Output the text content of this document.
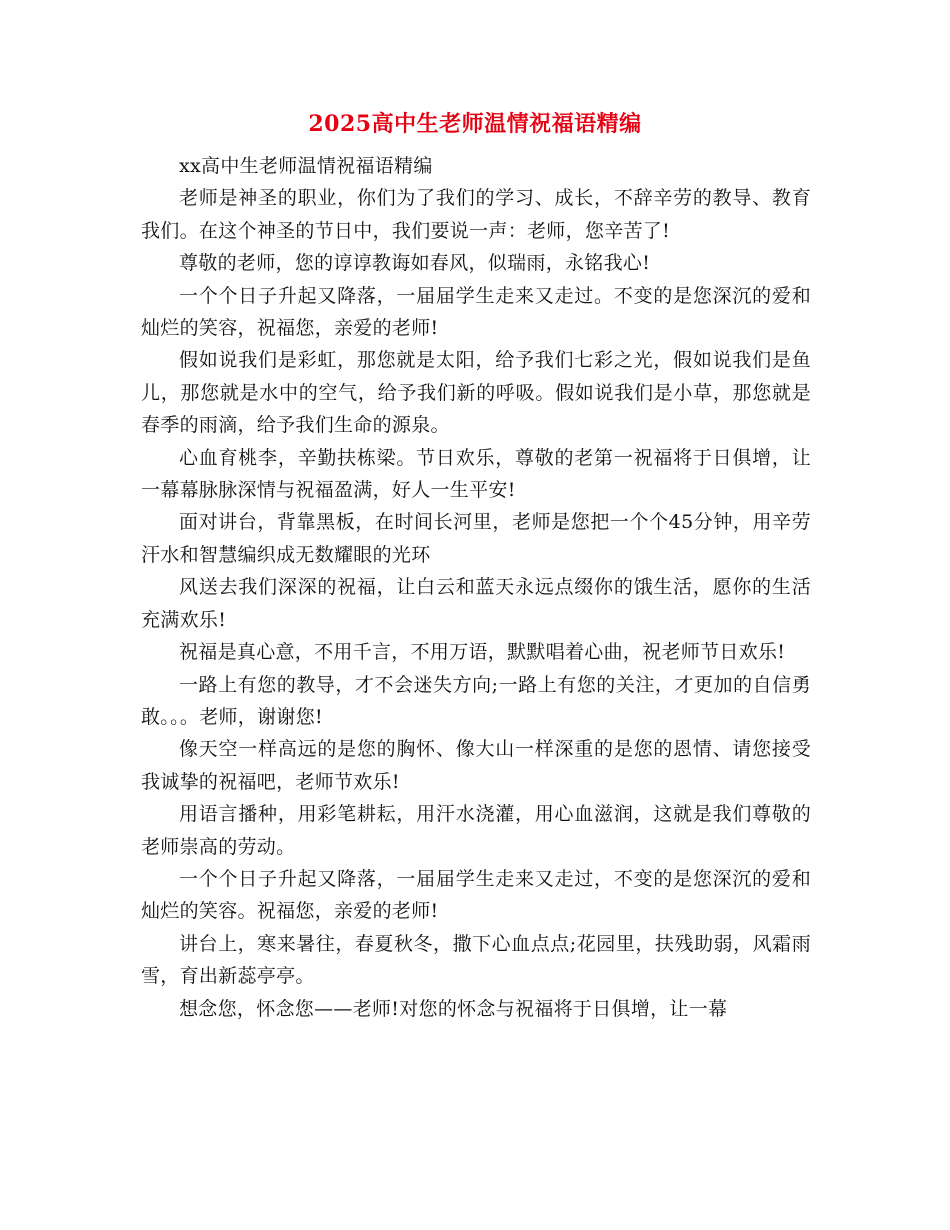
2025高中生老师温情祝福语精编

xx高中生老师温情祝福语精编

老师是神圣的职业，你们为了我们的学习、成长，不辞辛劳的教导、教育我们。在这个神圣的节日中，我们要说一声：老师，您辛苦了!

尊敬的老师，您的谆谆教诲如春风，似瑞雨，永铭我心!

一个个日子升起又降落，一届届学生走来又走过。不变的是您深沉的爱和灿烂的笑容，祝福您，亲爱的老师!

假如说我们是彩虹，那您就是太阳，给予我们七彩之光，假如说我们是鱼儿，那您就是水中的空气，给予我们新的呼吸。假如说我们是小草，那您就是春季的雨滴，给予我们生命的源泉。

心血育桃李，辛勤扶栋梁。节日欢乐，尊敬的老第一祝福将于日俱增，让一幕幕脉脉深情与祝福盈满，好人一生平安!

面对讲台，背靠黑板，在时间长河里，老师是您把一个个45分钟，用辛劳汗水和智慧编织成无数耀眼的光环

风送去我们深深的祝福，让白云和蓝天永远点缀你的饿生活，愿你的生活充满欢乐!

祝福是真心意，不用千言，不用万语，默默唱着心曲，祝老师节日欢乐!

一路上有您的教导，才不会迷失方向;一路上有您的关注，才更加的自信勇敢。。。老师，谢谢您!

像天空一样高远的是您的胸怀、像大山一样深重的是您的恩情、请您接受我诚挚的祝福吧，老师节欢乐!

用语言播种，用彩笔耕耘，用汗水浇灌，用心血滋润，这就是我们尊敬的老师崇高的劳动。

一个个日子升起又降落，一届届学生走来又走过，不变的是您深沉的爱和灿烂的笑容。祝福您，亲爱的老师!

讲台上，寒来暑往，春夏秋冬，撒下心血点点;花园里，扶残助弱，风霜雨雪，育出新蕊亭亭。

想念您，怀念您——老师!对您的怀念与祝福将于日俱增，让一幕
